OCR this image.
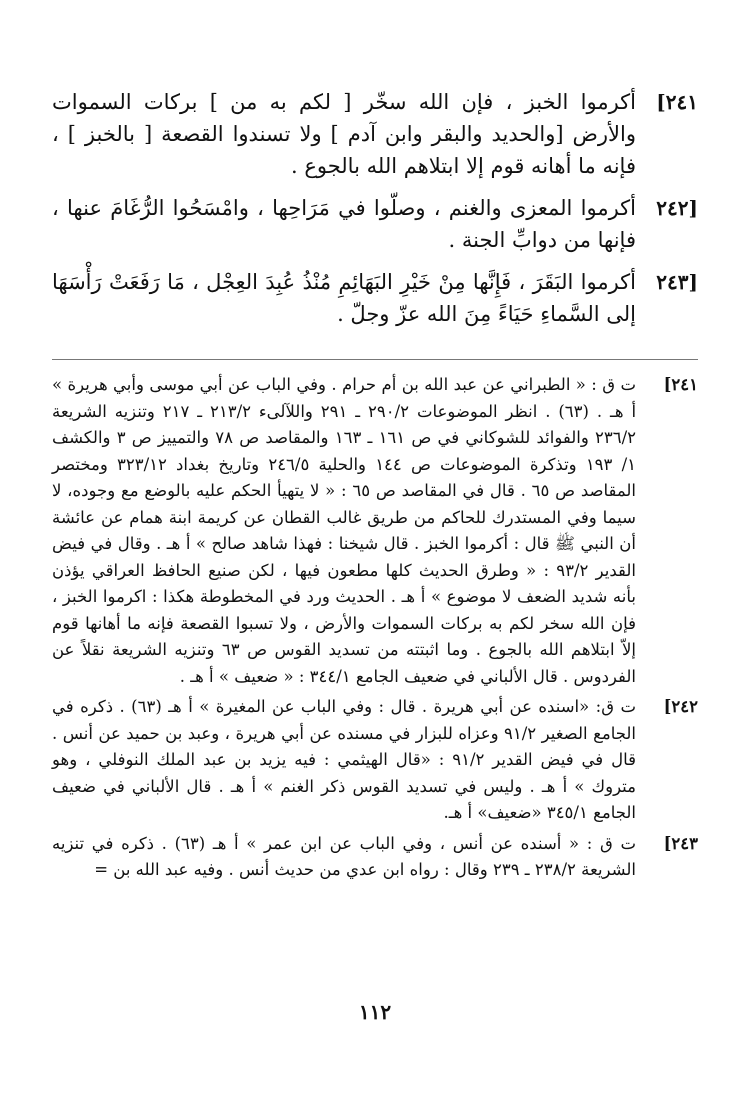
٢٤١]
أكرموا الخبز ، فإن الله سخّر [ لكم به من ] بركات السموات والأرض [والحديد والبقر وابن آدم ] ولا تسندوا القصعة [ بالخبز ] ، فإنه ما أهانه قوم إلا ابتلاهم الله بالجوع .
[٢٤٢
أكرموا المعزى والغنم ، وصلّوا في مَرَاحِها ، وامْسَحُوا الرُّغَامَ عنها ، فإنها من دوابِّ الجنة .
[٢٤٣
أكرموا البَقَرَ ، فَإِنَّها مِنْ خَيْرِ البَهَائِمِ مُنْذُ عُبِدَ العِجْل ، مَا رَفَعَتْ رَأْسَهَا إلى السَّماءِ حَيَاءً مِنَ الله عزّ وجلّ .
٢٤١]
ت ق : « الطبراني عن عبد الله بن أم حرام . وفي الباب عن أبي موسى وأبي هريرة » أ هـ . (٦٣) . انظر الموضوعات ٢٩٠/٢ ـ ٢٩١ واللآلىء ٢١٣/٢ ـ ٢١٧ وتنزيه الشريعة ٢٣٦/٢ والفوائد للشوكاني في ص ١٦١ ـ ١٦٣ والمقاصد ص ٧٨ والتمييز ص ٣ والكشف ١/ ١٩٣ وتذكرة الموضوعات ص ١٤٤ والحلية ٢٤٦/٥ وتاريخ بغداد ٣٢٣/١٢ ومختصر المقاصد ص ٦٥ . قال في المقاصد ص ٦٥ : « لا يتهيأ الحكم عليه بالوضع مع وجوده، لا سيما وفي المستدرك للحاكم من طريق غالب القطان عن كريمة ابنة همام عن عائشة أن النبي ﷺ قال : أكرموا الخبز . قال شيخنا : فهذا شاهد صالح » أ هـ . وقال في فيض القدير ٩٣/٢ : « وطرق الحديث كلها مطعون فيها ، لكن صنيع الحافظ العراقي يؤذن بأنه شديد الضعف لا موضوع » أ هـ . الحديث ورد في المخطوطة هكذا : اكرموا الخبز ، فإن الله سخر لكم به بركات السموات والأرض ، ولا تسبوا القصعة فإنه ما أهانها قوم إلاّ ابتلاهم الله بالجوع . وما اثبتته من تسديد القوس ص ٦٣ وتنزيه الشريعة نقلاً عن الفردوس . قال الألباني في ضعيف الجامع ٣٤٤/١ : « ضعيف » أ هـ .
٢٤٢]
ت ق: «اسنده عن أبي هريرة . قال : وفي الباب عن المغيرة » أ هـ (٦٣) . ذكره في الجامع الصغير ٩١/٢ وعزاه للبزار في مسنده عن أبي هريرة ، وعبد بن حميد عن أنس . قال في فيض القدير ٩١/٢ : «قال الهيثمي : فيه يزيد بن عبد الملك النوفلي ، وهو متروك » أ هـ . وليس في تسديد القوس ذكر الغنم » أ هـ . قال الألباني في ضعيف الجامع ٣٤٥/١ «ضعيف» أ هـ.
٢٤٣]
ت ق : « أسنده عن أنس ، وفي الباب عن ابن عمر » أ هـ (٦٣) . ذكره في تنزيه الشريعة ٢٣٨/٢ ـ ٢٣٩ وقال : رواه ابن عدي من حديث أنس . وفيه عبد الله بن =
١١٢
